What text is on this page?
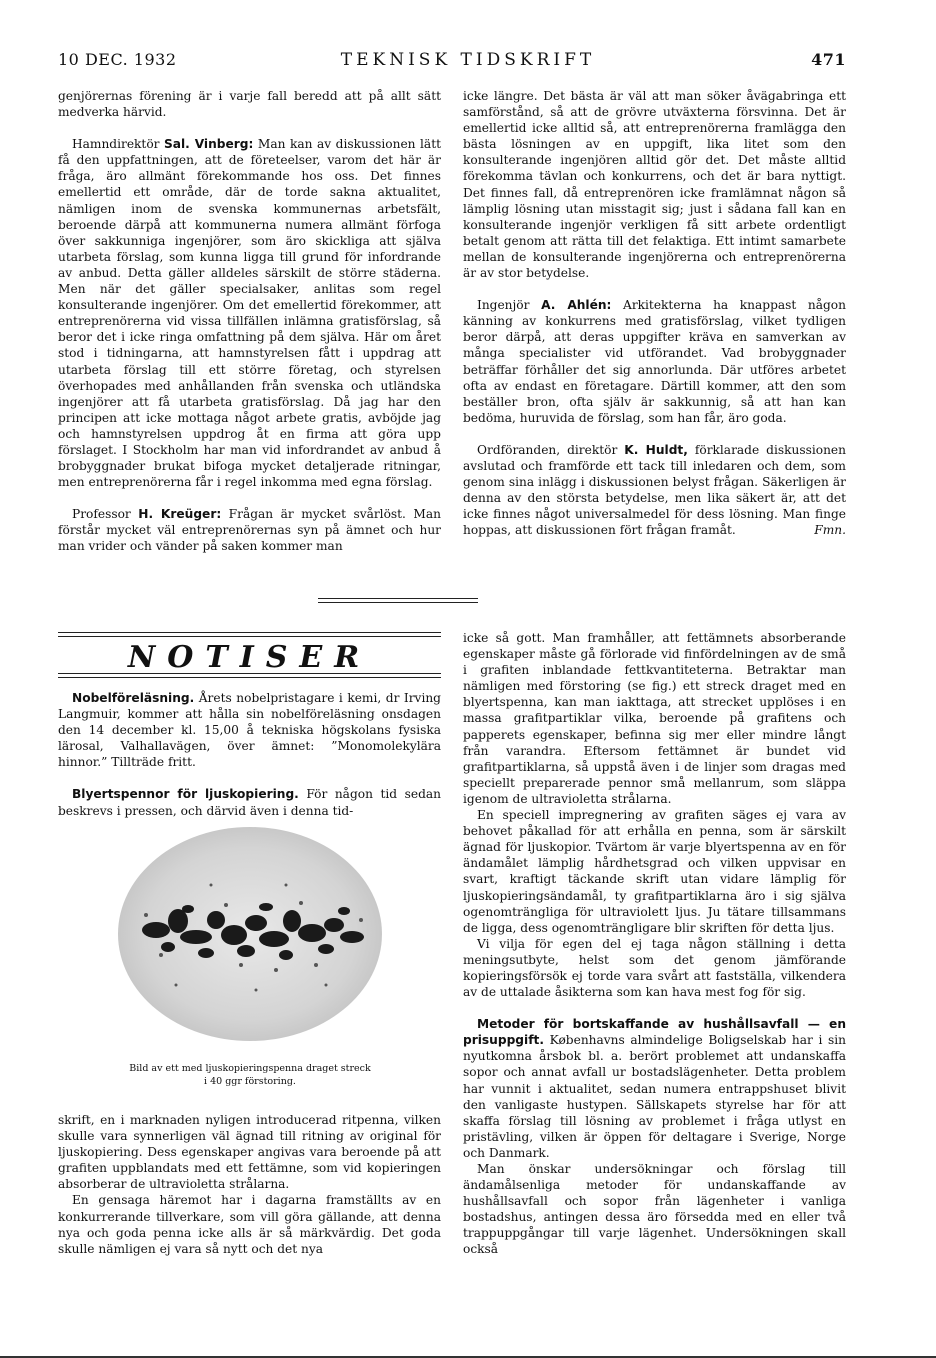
10 DEC. 1932	TEKNISK TIDSKRIFT	471

genjörernas förening är i varje fall beredd att på allt sätt medverka härvid.

Hamndirektör Sal. Vinberg: Man kan av diskussionen lätt få den uppfattningen, att de företeelser, varom det här är fråga, äro allmänt förekommande hos oss. Det finnes emellertid ett område, där de torde sakna aktualitet, nämligen inom de svenska kommunernas arbetsfält, beroende därpå att kommunerna numera allmänt förfoga över sakkunniga ingenjörer, som äro skickliga att själva utarbeta förslag, som kunna ligga till grund för infordrande av anbud. Detta gäller alldeles särskilt de större städerna. Men när det gäller specialsaker, anlitas som regel konsulterande ingenjörer. Om det emellertid förekommer, att entreprenörerna vid vissa tillfällen inlämna gratisförslag, så beror det i icke ringa omfattning på dem själva. Här om året stod i tidningarna, att hamnstyrelsen fått i uppdrag att utarbeta förslag till ett större företag, och styrelsen överhopades med anhållanden från svenska och utländska ingenjörer att få utarbeta gratisförslag. Då jag har den principen att icke mottaga något arbete gratis, avböjde jag och hamnstyrelsen uppdrog åt en firma att göra upp förslaget. I Stockholm har man vid infordrandet av anbud å brobyggnader brukat bifoga mycket detaljerade ritningar, men entreprenörerna får i regel inkomma med egna förslag.

Professor H. Kreüger: Frågan är mycket svårlöst. Man förstår mycket väl entreprenörernas syn på ämnet och hur man vrider och vänder på saken kommer man

icke längre. Det bästa är väl att man söker åvägabringa ett samförstånd, så att de grövre utväxterna försvinna. Det är emellertid icke alltid så, att entreprenörerna framlägga den bästa lösningen av en uppgift, lika litet som den konsulterande ingenjören alltid gör det. Det måste alltid förekomma tävlan och konkurrens, och det är bara nyttigt. Det finnes fall, då entreprenören icke framlämnat någon så lämplig lösning utan misstagit sig; just i sådana fall kan en konsulterande ingenjör verkligen få sitt arbete ordentligt betalt genom att rätta till det felaktiga. Ett intimt samarbete mellan de konsulterande ingenjörerna och entreprenörerna är av stor betydelse.

Ingenjör A. Ahlén: Arkitekterna ha knappast någon känning av konkurrens med gratisförslag, vilket tydligen beror därpå, att deras uppgifter kräva en samverkan av många specialister vid utförandet. Vad brobyggnader beträffar förhåller det sig annorlunda. Där utföres arbetet ofta av endast en företagare. Därtill kommer, att den som beställer bron, ofta själv är sakkunnig, så att han kan bedöma, huruvida de förslag, som han får, äro goda.

Ordföranden, direktör K. Huldt, förklarade diskussionen avslutad och framförde ett tack till inledaren och dem, som genom sina inlägg i diskussionen belyst frågan. Säkerligen är denna av den största betydelse, men lika säkert är, att det icke finnes något universalmedel för dess lösning. Man finge hoppas, att diskussionen fört frågan framåt.	Fmn.

NOTISER

Nobelföreläsning. Årets nobelpristagare i kemi, dr Irving Langmuir, kommer att hålla sin nobelföreläsning onsdagen den 14 december kl. 15,00 å tekniska högskolans fysiska lärosal, Valhallavägen, över ämnet: ”Monomolekylära hinnor.” Tillträde fritt.

Blyertspennor för ljuskopiering. För någon tid sedan beskrevs i pressen, och därvid även i denna tid-

Bild av ett med ljuskopieringspenna draget streck
i 40 ggr förstoring.

skrift, en i marknaden nyligen introducerad ritpenna, vilken skulle vara synnerligen väl ägnad till ritning av original för ljuskopiering. Dess egenskaper angivas vara beroende på att grafiten uppblandats med ett fettämne, som vid kopieringen absorberar de ultravioletta strålarna.

En gensaga häremot har i dagarna framställts av en konkurrerande tillverkare, som vill göra gällande, att denna nya och goda penna icke alls är så märkvärdig. Det goda skulle nämligen ej vara så nytt och det nya

icke så gott. Man framhåller, att fettämnets absorberande egenskaper måste gå förlorade vid finfördelningen av de små i grafiten inblandade fettkvantiteterna. Betraktar man nämligen med förstoring (se fig.) ett streck draget med en blyertspenna, kan man iakttaga, att strecket upplöses i en massa grafitpartiklar vilka, beroende på grafitens och papperets egenskaper, befinna sig mer eller mindre långt från varandra. Eftersom fettämnet är bundet vid grafitpartiklarna, så uppstå även i de linjer som dragas med speciellt preparerade pennor små mellanrum, som släppa igenom de ultravioletta strålarna.

En speciell impregnering av grafiten säges ej vara av behovet påkallad för att erhålla en penna, som är särskilt ägnad för ljuskopior. Tvärtom är varje blyertspenna av en för ändamålet lämplig hårdhetsgrad och vilken uppvisar en svart, kraftigt täckande skrift utan vidare lämplig för ljuskopieringsändamål, ty grafitpartiklarna äro i sig själva ogenomträngliga för ultraviolett ljus. Ju tätare tillsammans de ligga, dess ogenomträngligare blir skriften för detta ljus.

Vi vilja för egen del ej taga någon ställning i detta meningsutbyte, helst som det genom jämförande kopieringsförsök ej torde vara svårt att fastställa, vilkendera av de uttalade åsikterna som kan hava mest fog för sig.

Metoder för bortskaffande av hushållsavfall — en prisuppgift. Københavns almindelige Boligselskab har i sin nyutkomna årsbok bl. a. berört problemet att undanskaffa sopor och annat avfall ur bostadslägenheter. Detta problem har vunnit i aktualitet, sedan numera entrappshuset blivit den vanligaste hustypen. Sällskapets styrelse har för att skaffa förslag till lösning av problemet i fråga utlyst en pristävling, vilken är öppen för deltagare i Sverige, Norge och Danmark.

Man önskar undersökningar och förslag till ändamålsenliga metoder för undanskaffande av hushållsavfall och sopor från lägenheter i vanliga bostadshus, antingen dessa äro försedda med en eller två trappuppgångar till varje lägenhet. Undersökningen skall också
